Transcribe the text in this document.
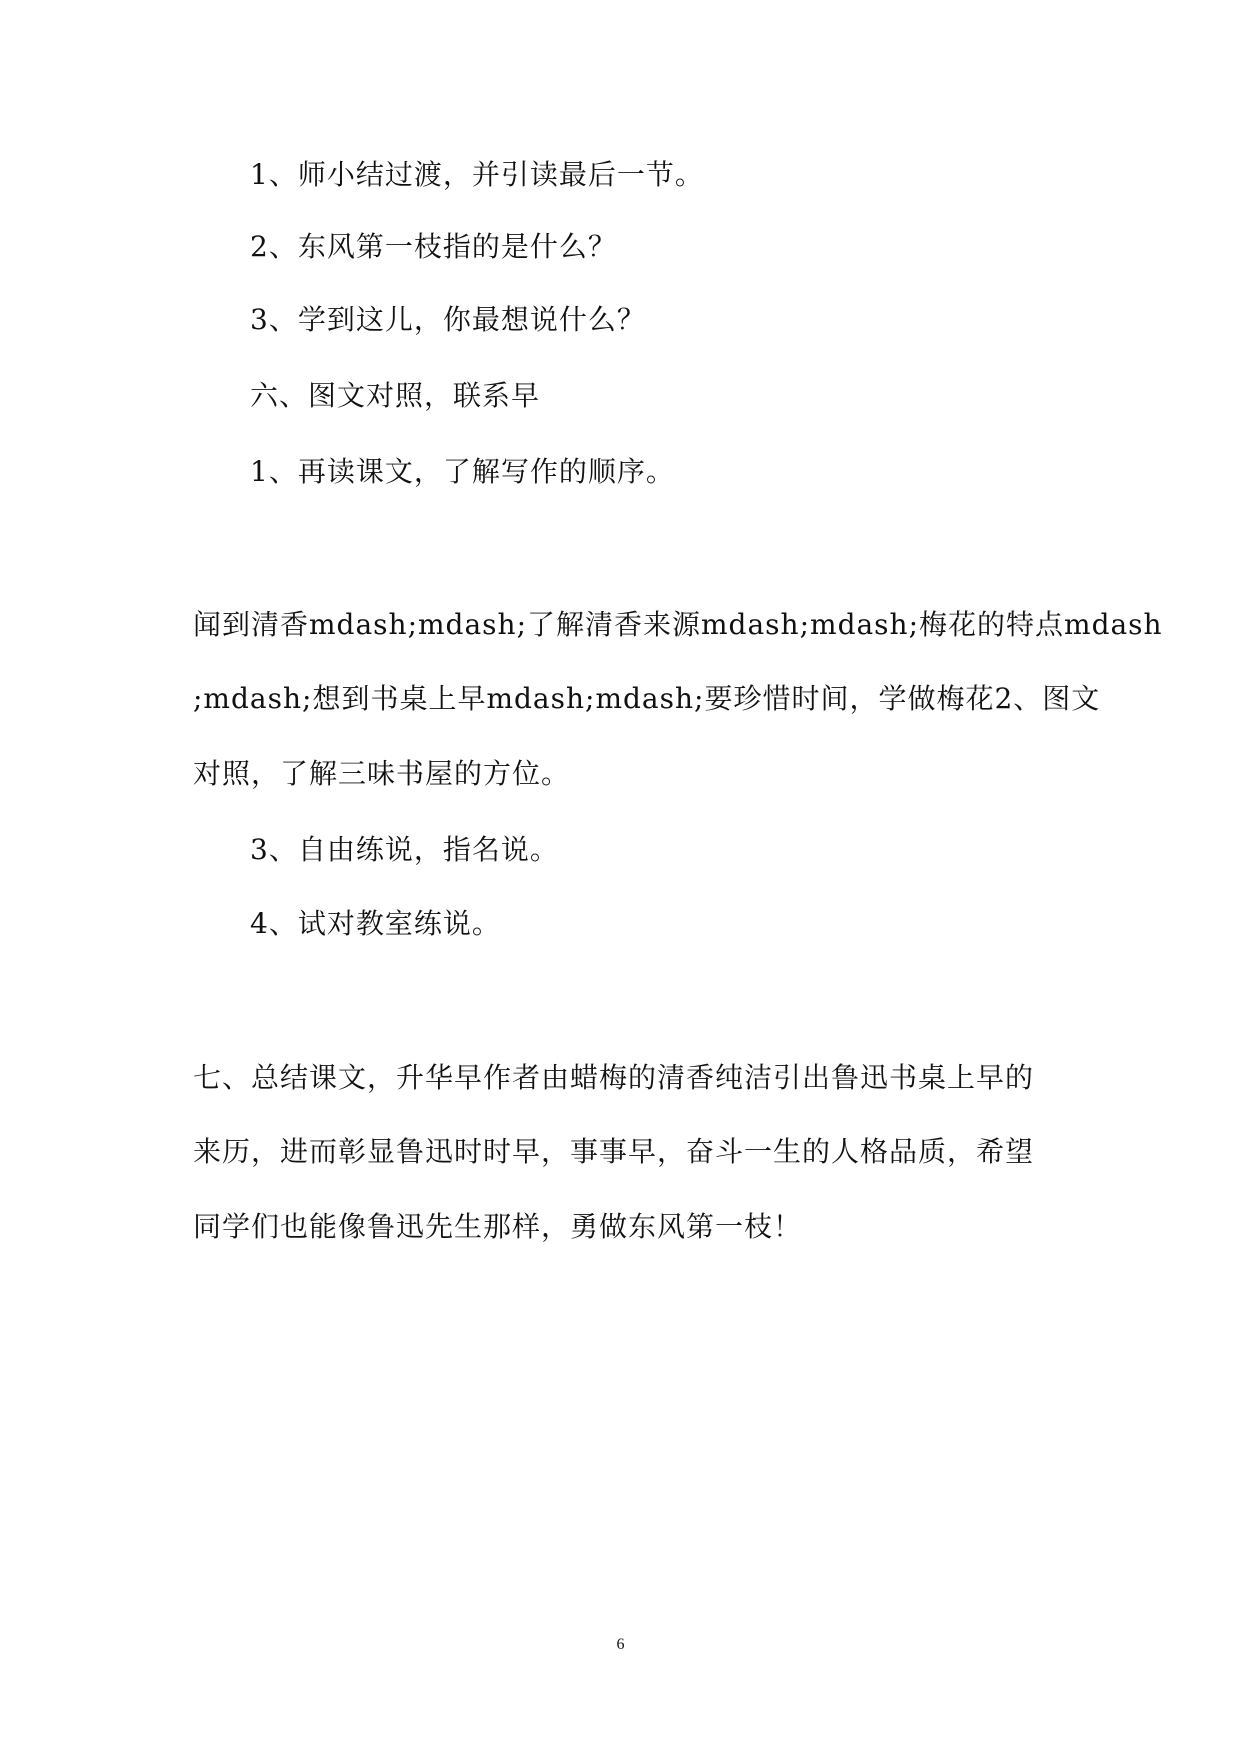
1、师小结过渡，并引读最后一节。
2、东风第一枝指的是什么？
3、学到这儿，你最想说什么？
六、图文对照，联系早
1、再读课文，了解写作的顺序。
闻到清香mdash;mdash;了解清香来源mdash;mdash;梅花的特点mdash
;mdash;想到书桌上早mdash;mdash;要珍惜时间，学做梅花2、图文
对照，了解三味书屋的方位。
3、自由练说，指名说。
4、试对教室练说。
七、总结课文，升华早作者由蜡梅的清香纯洁引出鲁迅书桌上早的
来历，进而彰显鲁迅时时早，事事早，奋斗一生的人格品质，希望
同学们也能像鲁迅先生那样，勇做东风第一枝！
6
